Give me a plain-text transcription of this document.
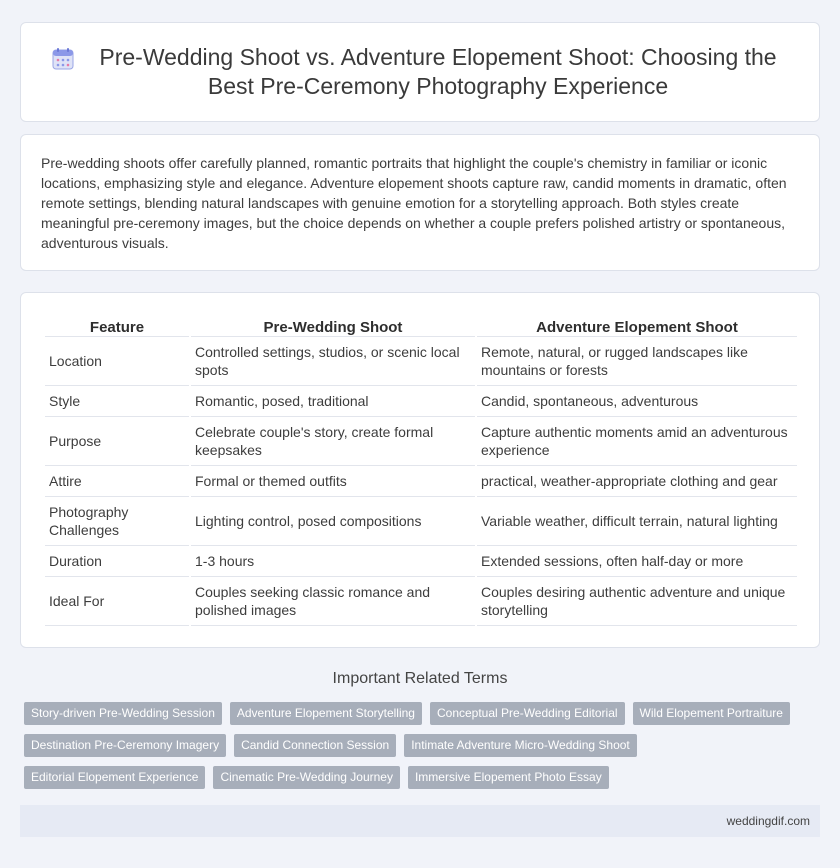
Pre-Wedding Shoot vs. Adventure Elopement Shoot: Choosing the Best Pre-Ceremony Photography Experience

Pre-wedding shoots offer carefully planned, romantic portraits that highlight the couple's chemistry in familiar or iconic locations, emphasizing style and elegance. Adventure elopement shoots capture raw, candid moments in dramatic, often remote settings, blending natural landscapes with genuine emotion for a storytelling approach. Both styles create meaningful pre-ceremony images, but the choice depends on whether a couple prefers polished artistry or spontaneous, adventurous visuals.

Feature	Pre-Wedding Shoot	Adventure Elopement Shoot
Location	Controlled settings, studios, or scenic local spots	Remote, natural, or rugged landscapes like mountains or forests
Style	Romantic, posed, traditional	Candid, spontaneous, adventurous
Purpose	Celebrate couple's story, create formal keepsakes	Capture authentic moments amid an adventurous experience
Attire	Formal or themed outfits	practical, weather-appropriate clothing and gear
Photography Challenges	Lighting control, posed compositions	Variable weather, difficult terrain, natural lighting
Duration	1-3 hours	Extended sessions, often half-day or more
Ideal For	Couples seeking classic romance and polished images	Couples desiring authentic adventure and unique storytelling
Important Related Terms
Story-driven Pre-Wedding Session	Adventure Elopement Storytelling	Conceptual Pre-Wedding Editorial	Wild Elopement Portraiture
Destination Pre-Ceremony Imagery	Candid Connection Session	Intimate Adventure Micro-Wedding Shoot
Editorial Elopement Experience	Cinematic Pre-Wedding Journey	Immersive Elopement Photo Essay
weddingdif.com
